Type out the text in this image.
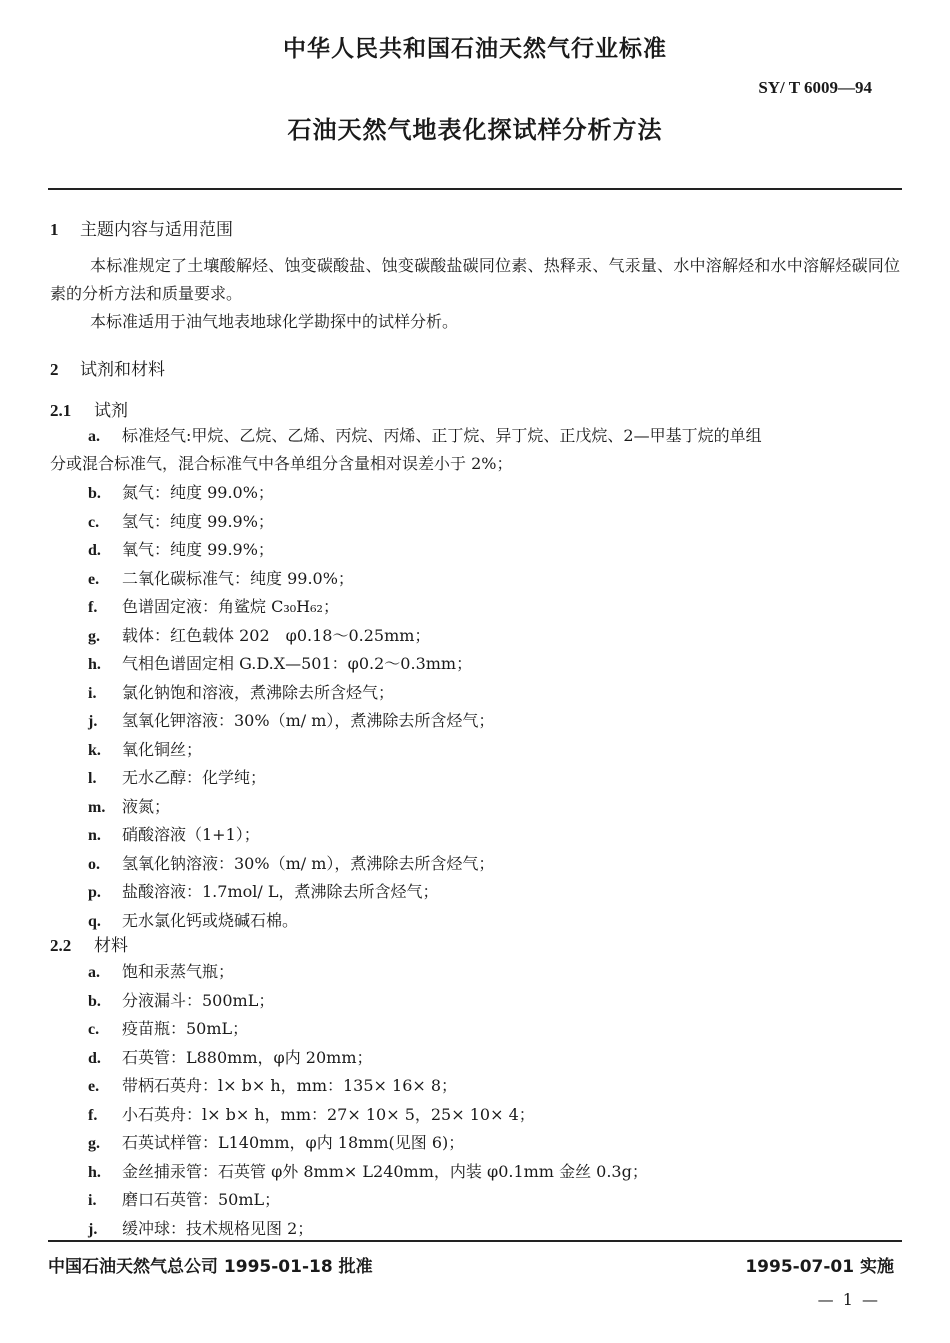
中华人民共和国石油天然气行业标准
SY/ T 6009—94
石油天然气地表化探试样分析方法
1 主题内容与适用范围

本标准规定了土壤酸解烃、蚀变碳酸盐、蚀变碳酸盐碳同位素、热释汞、气汞量、水中溶解烃和水中溶解烃碳同位素的分析方法和质量要求。

本标准适用于油气地表地球化学勘探中的试样分析。

2 试剂和材料
2.1 试剂
a. 标准烃气:甲烷、乙烷、乙烯、丙烷、丙烯、正丁烷、异丁烷、正戊烷、2—甲基丁烷的单组
分或混合标准气，混合标准气中各单组分含量相对误差小于 2%；
b. 氮气：纯度 99.0%；
c. 氢气：纯度 99.9%；
d. 氧气：纯度 99.9%；
e. 二氧化碳标准气：纯度 99.0%；
f. 色谱固定液：角鲨烷 C₃₀H₆₂；
g. 载体：红色载体 202　φ0.18～0.25mm；
h. 气相色谱固定相 G.D.X—501：φ0.2～0.3mm；
i. 氯化钠饱和溶液，煮沸除去所含烃气；
j. 氢氧化钾溶液：30%（m/ m），煮沸除去所含烃气；
k. 氧化铜丝；
l. 无水乙醇：化学纯；
m. 液氮；
n. 硝酸溶液（1+1）；
o. 氢氧化钠溶液：30%（m/ m），煮沸除去所含烃气；
p. 盐酸溶液：1.7mol/ L，煮沸除去所含烃气；
q. 无水氯化钙或烧碱石棉。
2.2 材料
a. 饱和汞蒸气瓶；
b. 分液漏斗：500mL；
c. 疫苗瓶：50mL；
d. 石英管：L880mm，φ内 20mm；
e. 带柄石英舟：l× b× h，mm：135× 16× 8；
f. 小石英舟：l× b× h，mm：27× 10× 5，25× 10× 4；
g. 石英试样管：L140mm，φ内 18mm(见图 6)；
h. 金丝捕汞管：石英管 φ外 8mm× L240mm，内装 φ0.1mm 金丝 0.3g；
i. 磨口石英管：50mL；
j. 缓冲球：技术规格见图 2；
中国石油天然气总公司 1995-01-18 批准	1995-07-01 实施
— 1 —
